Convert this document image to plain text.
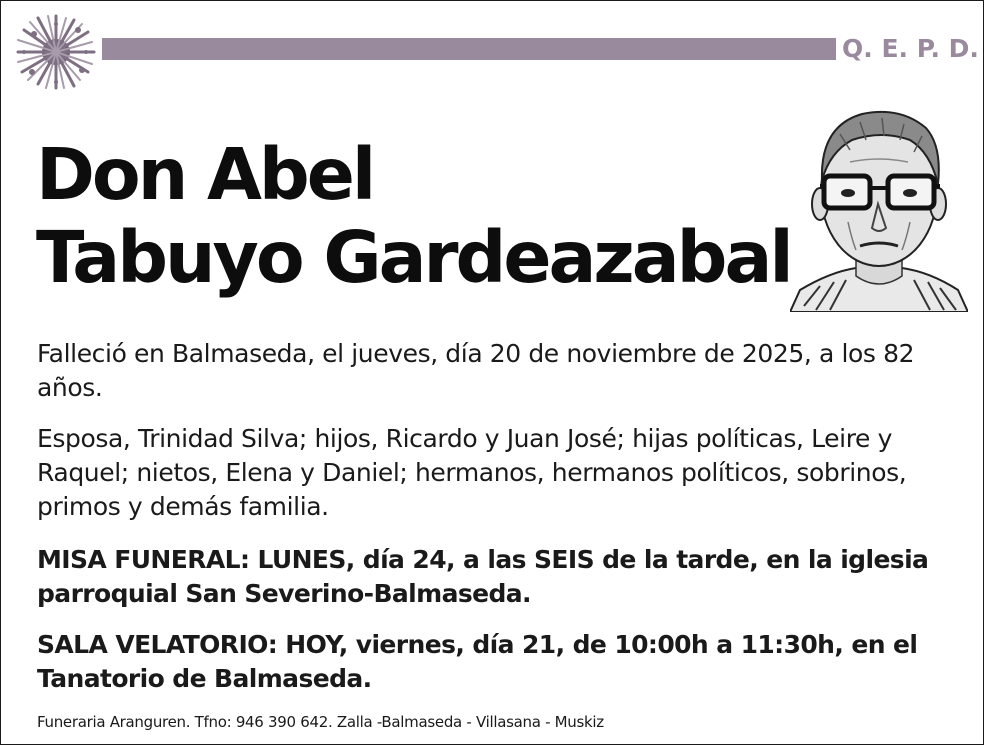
Q. E. P. D.
Don Abel
Tabuyo Gardeazabal
Falleció en Balmaseda, el jueves, día 20 de noviembre de 2025, a los 82 años.
Esposa, Trinidad Silva; hijos, Ricardo y Juan José; hijas políticas, Leire y Raquel; nietos, Elena y Daniel; hermanos, hermanos políticos, sobrinos, primos y demás familia.
MISA FUNERAL: LUNES, día 24, a las SEIS de la tarde, en la iglesia parroquial San Severino-Balmaseda.
SALA VELATORIO: HOY, viernes, día 21, de 10:00h a 11:30h, en el Tanatorio de Balmaseda.
Funeraria Aranguren. Tfno: 946 390 642. Zalla -Balmaseda - Villasana - Muskiz
